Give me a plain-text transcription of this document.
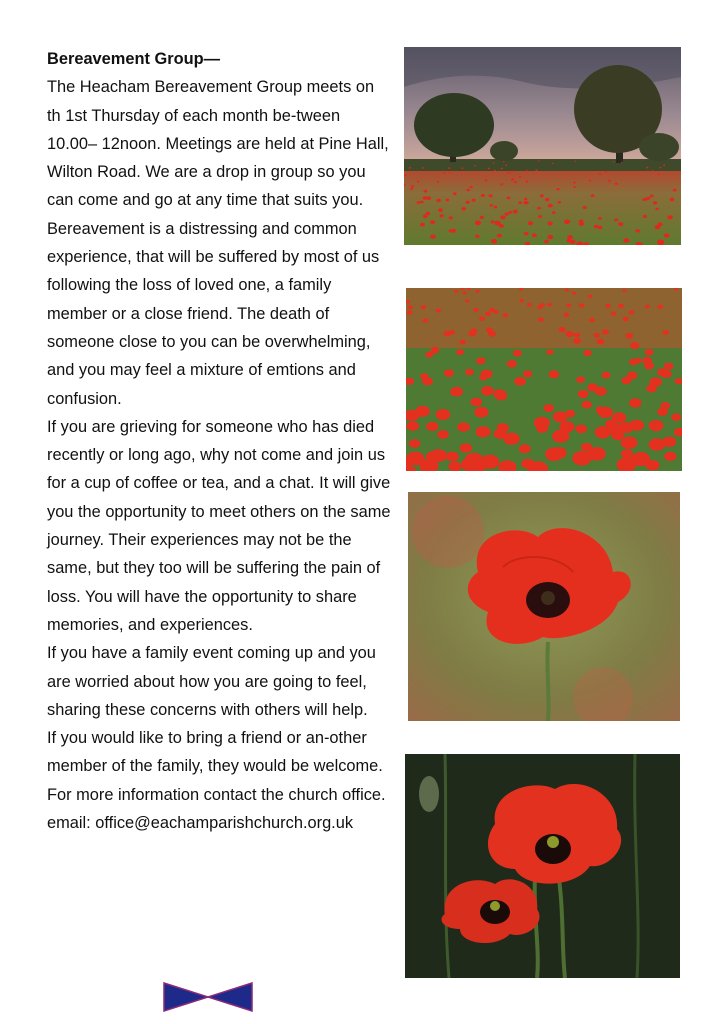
Bereavement Group—

The Heacham Bereavement Group meets on th 1st Thursday of each month be-tween 10.00– 12noon. Meetings are held at Pine Hall, Wilton Road. We are a drop in group so you can come and go at any time that suits you.

Bereavement is a distressing and common experience, that will be suffered by most of us following the loss of loved one, a family member or a close friend. The death of someone close to you can be overwhelming, and you may feel a mixture of emtions and confusion.

If you are grieving for someone who has died recently or long ago, why not come and join us for a cup of coffee or tea, and a chat. It will give you the opportunity to meet others on the same journey. Their experiences may not be the same, but they too will be suffering the pain of loss. You will have the opportunity to share memories, and experiences.

If you have a family event coming up and you are worried about how you are going to feel, sharing these concerns with others will help.

If you would like to bring a friend or an-other member of the family, they would be welcome.

For more information contact the church office. email: office@eachamparishchurch.org.uk
